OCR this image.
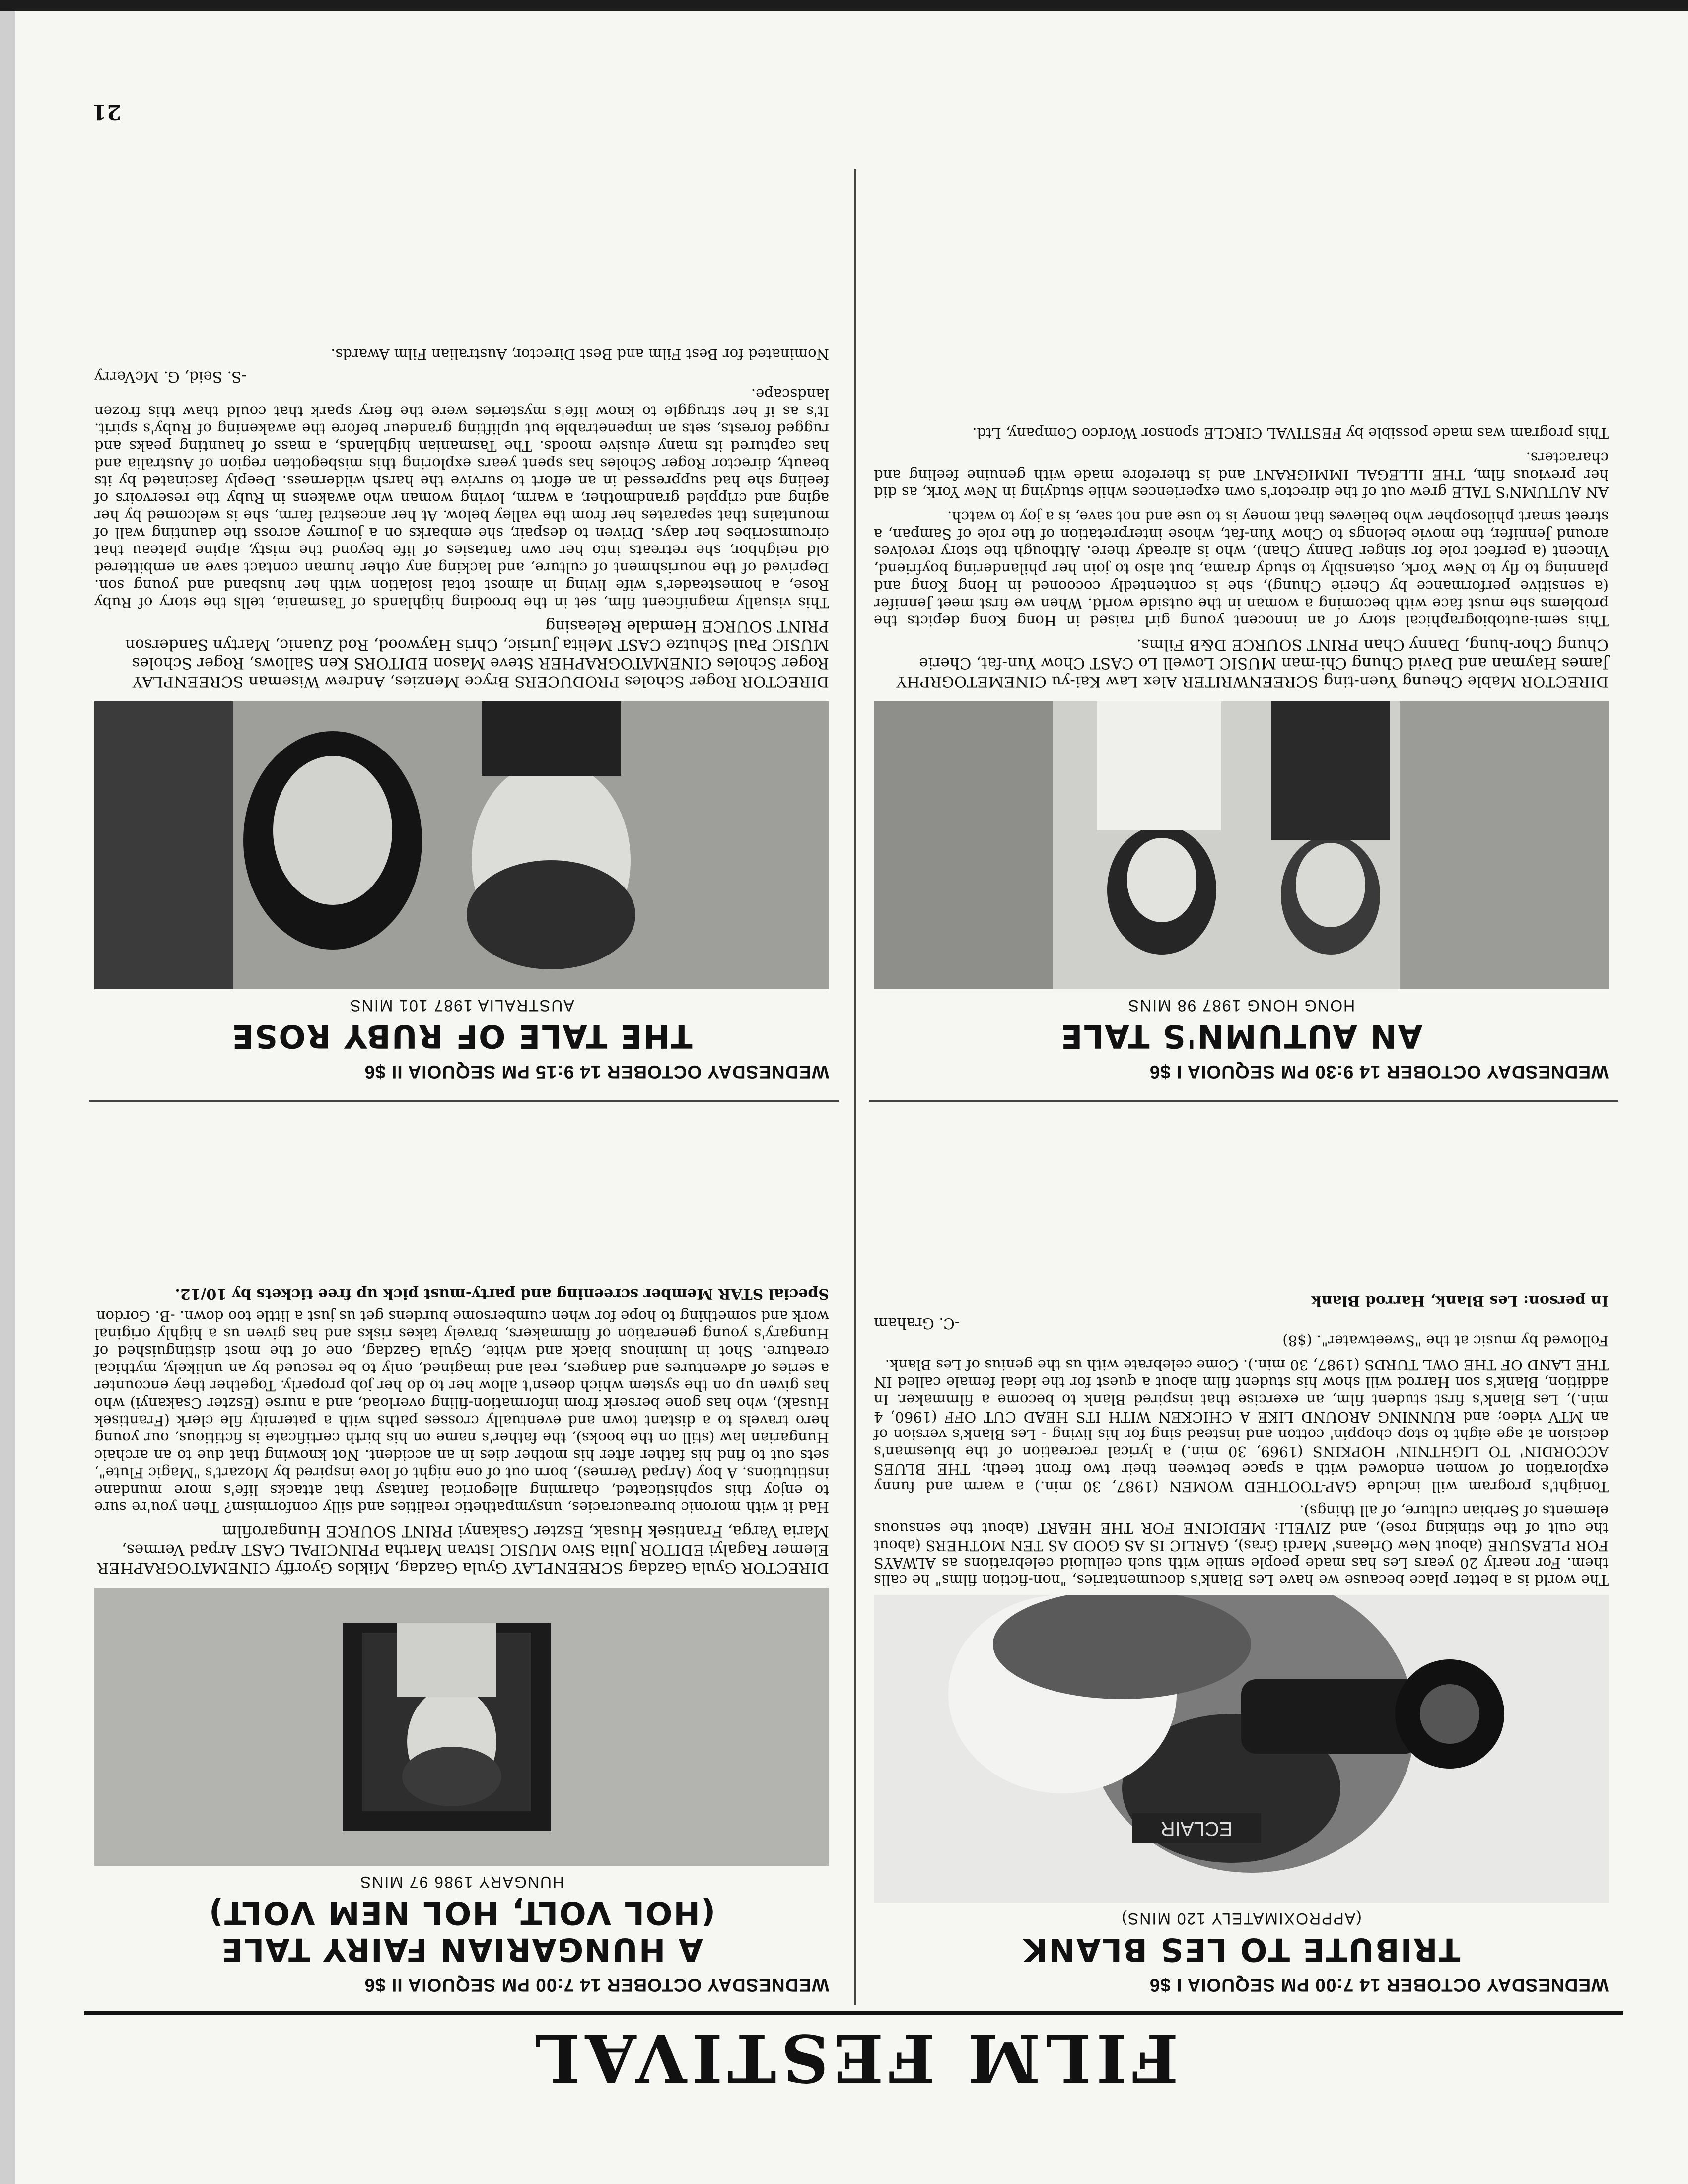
FILM FESTIVAL
WEDNESDAY OCTOBER 14 7:00 PM SEQUOIA I $6
TRIBUTE TO LES BLANK
(APPROXIMATELY 120 MINS)
ECLAIR

The world is a better place because we have Les Blank's documentaries, "non-fiction films" he calls them. For nearly 20 years Les has made people smile with such celluloid celebrations as ALWAYS FOR PLEASURE (about New Orleans' Mardi Gras), GARLIC IS AS GOOD AS TEN MOTHERS (about the cult of the stinking rose), and ZIVELI: MEDICINE FOR THE HEART (about the sensuous elements of Serbian culture, of all things).

Tonight's program will include GAP-TOOTHED WOMEN (1987, 30 min.) a warm and funny exploration of women endowed with a space between their two front teeth; THE BLUES ACCORDIN' TO LIGHTNIN' HOPKINS (1969, 30 min.) a lyrical recreation of the bluesman's decision at age eight to stop choppin' cotton and instead sing for his living - Les Blank's version of an MTV video; and RUNNING AROUND LIKE A CHICKEN WITH ITS HEAD CUT OFF (1960, 4 min.), Les Blank's first student film, an exercise that inspired Blank to become a filmmaker. In addition, Blank's son Harrod will show his student film about a quest for the ideal female called IN THE LAND OF THE OWL TURDS (1987, 30 min.). Come celebrate with us the genius of Les Blank.

Followed by music at the "Sweetwater". ($8)

-C. Graham
In person: Les Blank, Harrod Blank
WEDNESDAY OCTOBER 14 7:00 PM SEQUOIA II $6
A HUNGARIAN FAIRY TALE
(HOL VOLT, HOL NEM VOLT)
HUNGARY 1986 97 MINS
DIRECTOR Gyula Gazdag SCREENPLAY Gyula Gazdag, Miklos Gyorffy CINEMATOGRAPHER Elemer Ragalyi EDITOR Julia Sivo MUSIC Istvan Martha PRINCIPAL CAST Arpad Vermes, Maria Varga, Frantisek Husak, Eszter Csakanyi PRINT SOURCE Hungarofilm
Had it with moronic bureaucracies, unsympathetic realities and silly conformism? Then you're sure to enjoy this sophisticated, charming allegorical fantasy that attacks life's more mundane institutions. A boy (Arpad Vermes), born out of one night of love inspired by Mozart's "Magic Flute", sets out to find his father after his mother dies in an accident. Not knowing that due to an archaic Hungarian law (still on the books), the father's name on his birth certificate is fictitious, our young hero travels to a distant town and eventually crosses paths with a paternity file clerk (Frantisek Husak), who has gone berserk from information-filing overload, and a nurse (Eszter Csakanyi) who has given up on the system which doesn't allow her to do her job properly. Together they encounter a series of adventures and dangers, real and imagined, only to be rescued by an unlikely, mythical creature. Shot in luminous black and white, Gyula Gazdag, one of the most distinguished of Hungary's young generation of filmmakers, bravely takes risks and has given us a highly original work and something to hope for when cumbersome burdens get us just a little too down. -B. Gordon
Special STAR Member screening and party-must pick up free tickets by 10/12.
WEDNESDAY OCTOBER 14 9:30 PM SEQUOIA I $6
AN AUTUMN'S TALE
HONG HONG 1987 98 MINS
DIRECTOR Mable Cheung Yuen-ting SCREENWRITER Alex Law Kai-yu CINEMETOGRPHY James Hayman and David Chung Chi-man MUSIC Lowell Lo CAST Chow Yun-fat, Cherie Chung Chor-hung, Danny Chan PRINT SOURCE D&B Films.

This semi-autobiographical story of an innocent young girl raised in Hong Kong depicts the problems she must face with becoming a woman in the outside world. When we first meet Jennifer (a sensitive performance by Cherie Chung), she is contentedly cocooned in Hong Kong and planning to fly to New York, ostensibly to study drama, but also to join her philandering boyfriend, Vincent (a perfect role for singer Danny Chan), who is already there. Although the story revolves around Jennifer, the movie belongs to Chow Yun-fat, whose interpretation of the role of Sampan, a street smart philosopher who believes that money is to use and not save, is a joy to watch.

AN AUTUMN'S TALE grew out of the director's own experiences while studying in New York, as did her previous film, THE ILLEGAL IMMIGRANT and is therefore made with genuine feeling and characters.

This program was made possible by FESTIVAL CIRCLE sponsor Wordco Company, Ltd.
WEDNESDAY OCTOBER 14 9:15 PM SEQUOIA II $6
THE TALE OF RUBY ROSE
AUSTRALIA 1987 101 MINS
DIRECTOR Roger Scholes PRODUCERS Bryce Menzies, Andrew Wiseman SCREENPLAY Roger Scholes CINEMATOGRAPHER Steve Mason EDITORS Ken Sallows, Roger Scholes MUSIC Paul Schutze CAST Melita Jurisic, Chris Haywood, Rod Zuanic, Martyn Sanderson PRINT SOURCE Hemdale Releasing
This visually magnificent film, set in the brooding highlands of Tasmania, tells the story of Ruby Rose, a homesteader's wife living in almost total isolation with her husband and young son. Deprived of the nourishment of culture, and lacking any other human contact save an embittered old neighbor, she retreats into her own fantasies of life beyond the misty, alpine plateau that circumscribes her days. Driven to despair, she embarks on a journey across the daunting wall of mountains that separates her from the valley below. At her ancestral farm, she is welcomed by her aging and crippled grandmother, a warm, loving woman who awakens in Ruby the reservoirs of feeling she had suppressed in an effort to survive the harsh wilderness. Deeply fascinated by its beauty, director Roger Scholes has spent years exploring this misbegotten region of Australia and has captured its many elusive moods. The Tasmanian highlands, a mass of haunting peaks and rugged forests, sets an impenetrable but uplifting grandeur before the awakening of Ruby's spirit. It's as if her struggle to know life's mysteries were the fiery spark that could thaw this frozen landscape.
-S. Seid, G. McVerry
Nominated for Best Film and Best Director, Australian Film Awards.
21
